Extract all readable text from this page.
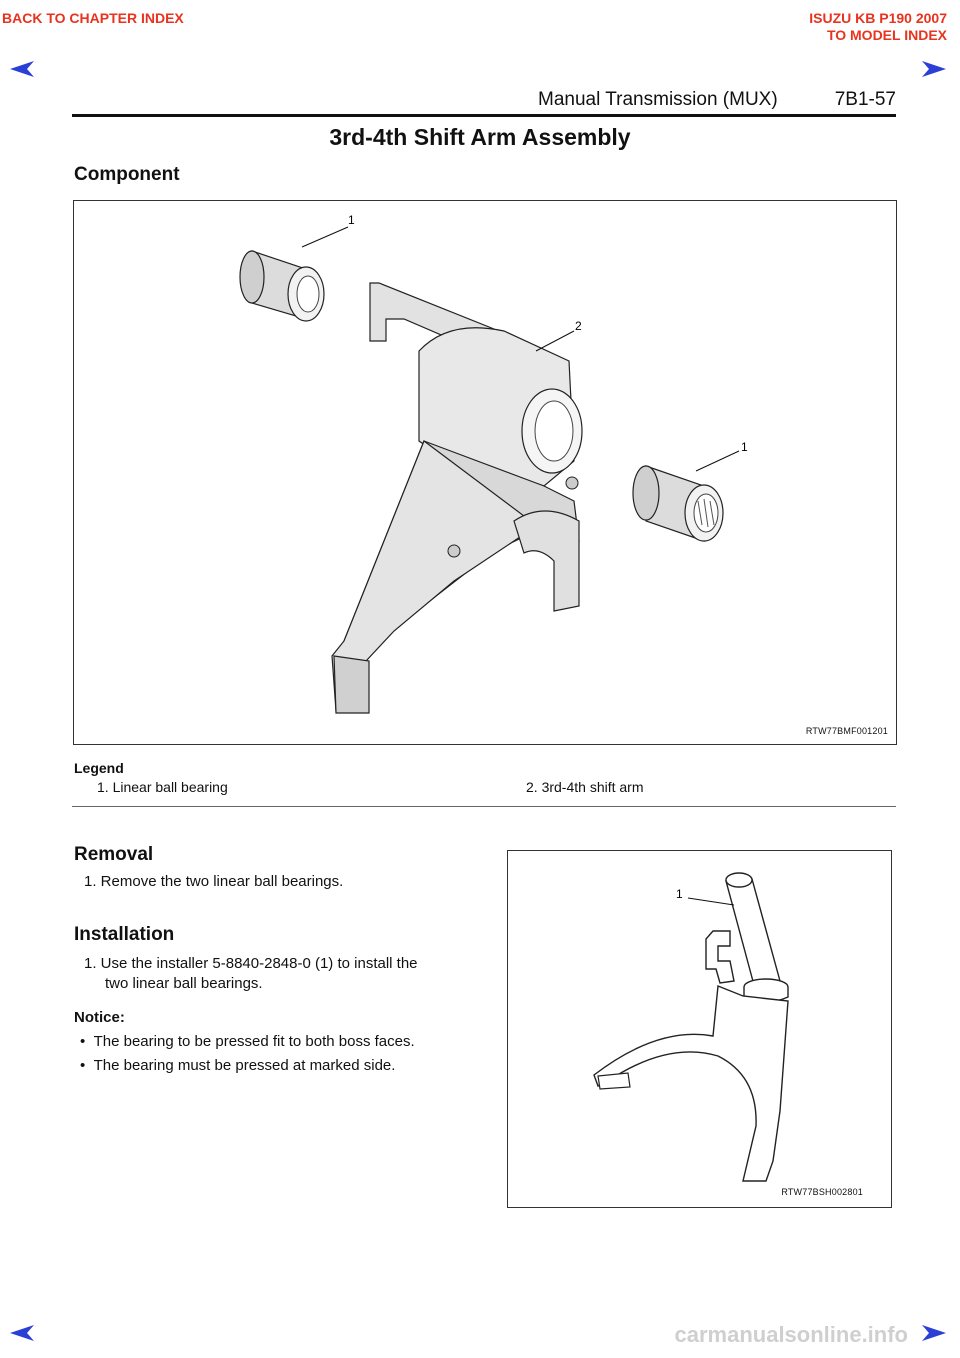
BACK TO CHAPTER INDEX	ISUZU KB P190 2007
TO MODEL INDEX
Manual Transmission (MUX)	7B1-57
3rd-4th Shift Arm Assembly
Component
1
2
1
RTW77BMF001201
Legend
1. Linear ball bearing	2. 3rd-4th shift arm
Removal
1. Remove the two linear ball bearings.
Installation
1. Use the installer 5-8840-2848-0 (1) to install the
two linear ball bearings.
Notice:
• The bearing to be pressed fit to both boss faces.
• The bearing must be pressed at marked side.
1
RTW77BSH002801
carmanualsonline.info
